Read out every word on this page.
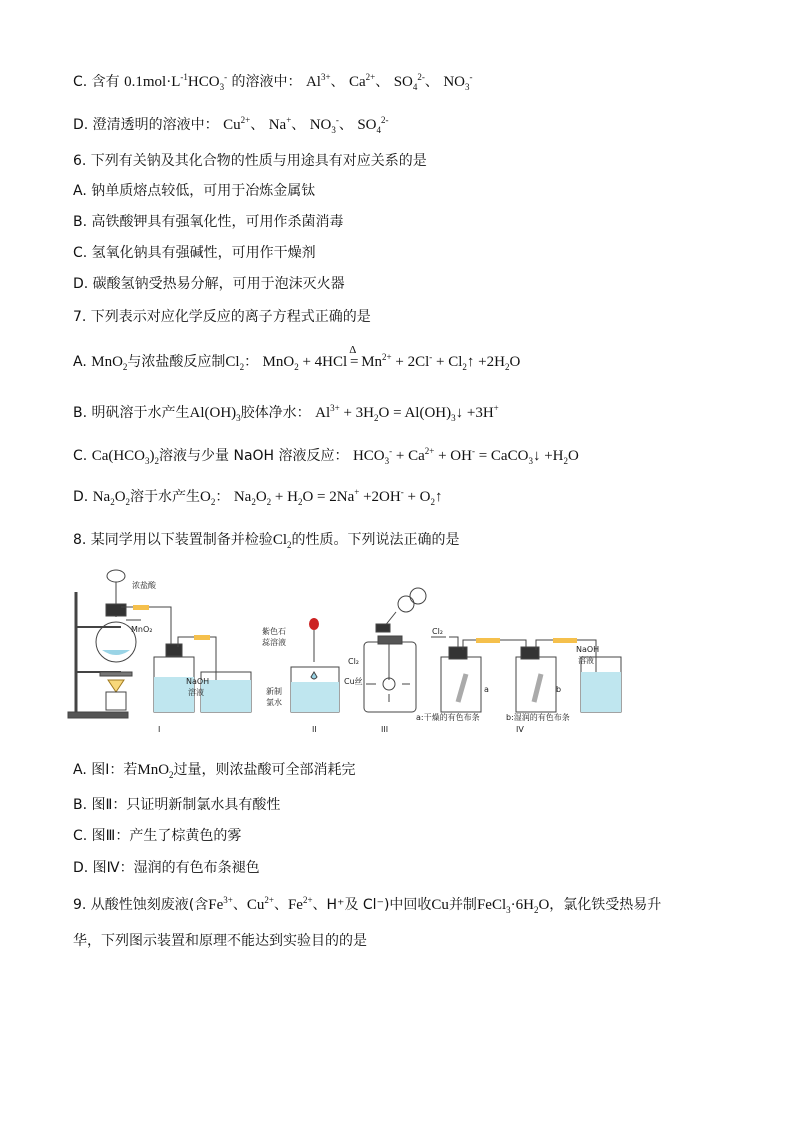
C. 含有 $0.1mol\cdot L^{-1}HCO_3^-$ 的溶液中： $Al^{3+}$、 $Ca^{2+}$、 $SO_4^{2-}$、 $NO_3^-$
D. 澄清透明的溶液中： $Cu^{2+}$、 Na+、 $NO_3^-$、 $SO_4^{2-}$
6. 下列有关钠及其化合物的性质与用途具有对应关系的是
A. 钠单质熔点较低，可用于冶炼金属钛
B. 高铁酸钾具有强氧化性，可用作杀菌消毒
C. 氢氧化钠具有强碱性，可用作干燥剂
D. 碳酸氢钠受热易分解，可用于泡沫灭火器
7. 下列表示对应化学反应的离子方程式正确的是
A. MnO$_2$与浓盐酸反应制$Cl_2$： MnO$_2$ + 4HCl
Δ
= $Mn^{2+} + 2Cl^-$ + $Cl_2↑ +2H_2O$
B. 明矾溶于水产生$Al(OH)_3$胶体净水： $Al^{3+} + 3H_2O$ = $Al(OH)_3↓ +3H^+$
C. $Ca(HCO_3)_2$溶液与少量 NaOH 溶液反应： $HCO_3^- + Ca^{2+} + OH^-$ = CaCO$_3$↓ $+H_2O$
D. $Na_2O_2$溶于水产生$O_2$： $Na_2O_2 + H_2O = 2Na^+ +2OH^-$ + $O_2↑$
8. 某同学用以下装置制备并检验$Cl_2$的性质。下列说法正确的是
浓盐酸
MnO₂
NaOH
溶液
紫色石
蕊溶液
新制
氯水
Cl₂
Cu丝
Cl₂
a	b
a:干燥的有色布条	b:湿润的有色布条
NaOH
溶液
I	II	III	IV
A. 图Ⅰ：若MnO$_2$过量，则浓盐酸可全部消耗完
B. 图Ⅱ：只证明新制氯水具有酸性
C. 图Ⅲ：产生了棕黄色的雾
D. 图Ⅳ：湿润的有色布条褪色
9. 从酸性蚀刻废液(含$Fe^{3+}$、$Cu^{2+}$、$Fe^{2+}$、H⁺及 Cl⁻)中回收Cu并制$FeCl_3\cdot 6H_2O$，氯化铁受热易升
华，下列图示装置和原理不能达到实验目的的是
